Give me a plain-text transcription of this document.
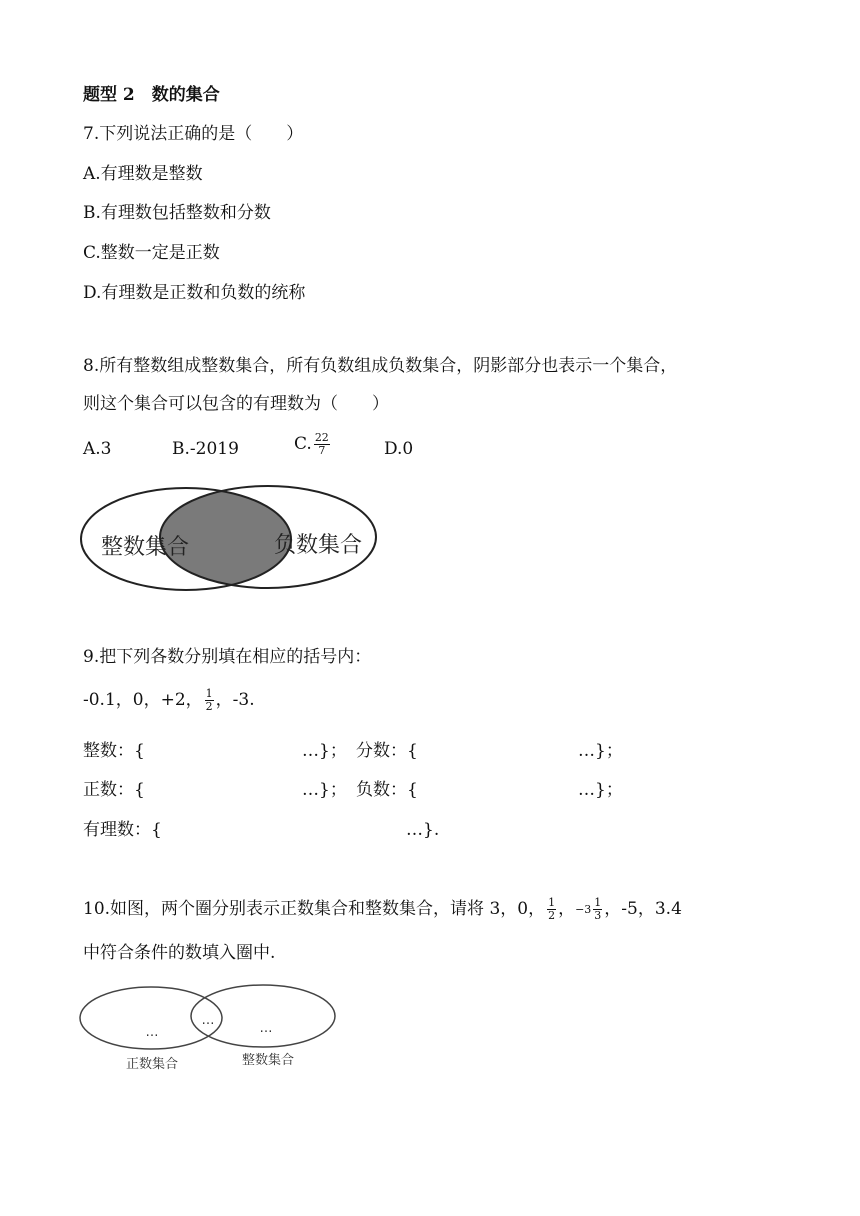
题型 2　数的集合
7.下列说法正确的是（　　）
A.有理数是整数
B.有理数包括整数和分数
C.整数一定是正数
D.有理数是正数和负数的统称
8.所有整数组成整数集合，所有负数组成负数集合，阴影部分也表示一个集合，
则这个集合可以包含的有理数为（　　）
A.3	B.-2019	C. $\frac{22}{7}$	D.0
整数集合	负数集合
9.把下列各数分别填在相应的括号内：
-0.1，0，+2， $\frac{1}{2}$ ，-3.
整数：{	…}； 分数：{	…}；
正数：{	…}； 负数：{	…}；
有理数：{	…}.
10.如图，两个圈分别表示正数集合和整数集合，请将 3，0， $\frac{1}{2}$ ，$-3 \frac{1}{3}$ ，-5，3.4
中符合条件的数填入圈中.
…
…
…
正数集合	整数集合
